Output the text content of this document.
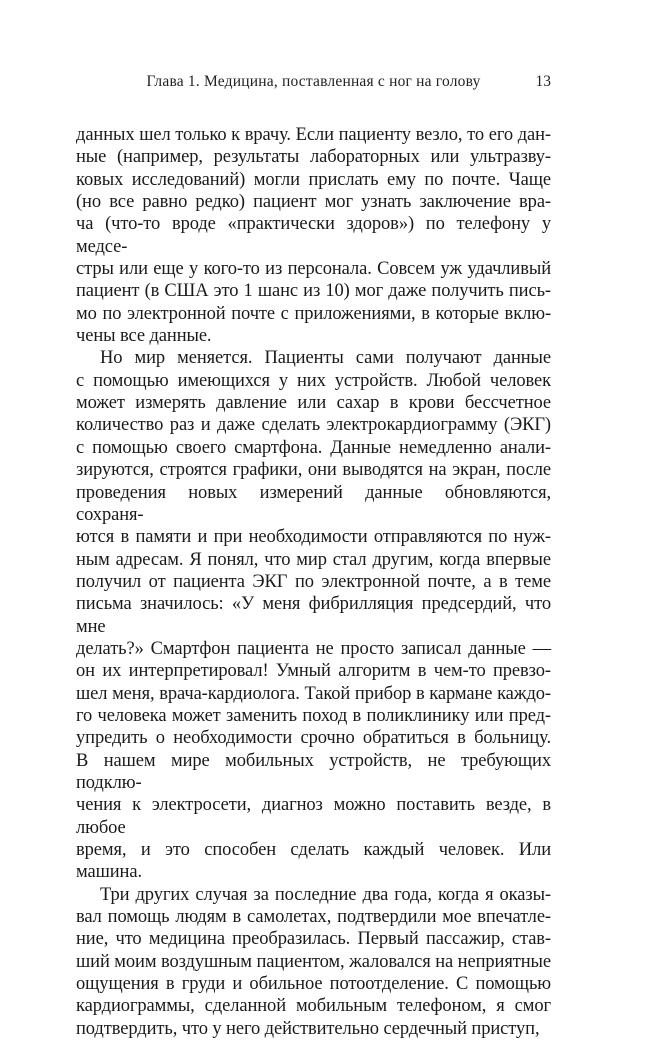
Глава 1. Медицина, поставленная с ног на голову	13
данных шел только к врачу. Если пациенту везло, то его дан-
ные (например, результаты лабораторных или ультразву-
ковых исследований) могли прислать ему по почте. Чаще
(но все равно редко) пациент мог узнать заключение вра-
ча (что-то вроде «практически здоров») по телефону у медсе-
стры или еще у кого-то из персонала. Совсем уж удачливый
пациент (в США это 1 шанс из 10) мог даже получить пись-
мо по электронной почте с приложениями, в которые вклю-
чены все данные.
Но мир меняется. Пациенты сами получают данные
с помощью имеющихся у них устройств. Любой человек
может измерять давление или сахар в крови бессчетное
количество раз и даже сделать электрокардиограмму (ЭКГ)
с помощью своего смартфона. Данные немедленно анали-
зируются, строятся графики, они выводятся на экран, после
проведения новых измерений данные обновляются, сохраня-
ются в памяти и при необходимости отправляются по нуж-
ным адресам. Я понял, что мир стал другим, когда впервые
получил от пациента ЭКГ по электронной почте, а в теме
письма значилось: «У меня фибрилляция предсердий, что мне
делать?» Смартфон пациента не просто записал данные —
он их интерпретировал! Умный алгоритм в чем-то превзо-
шел меня, врача-кардиолога. Такой прибор в кармане каждо-
го человека может заменить поход в поликлинику или пред-
упредить о необходимости срочно обратиться в больницу.
В нашем мире мобильных устройств, не требующих подклю-
чения к электросети, диагноз можно поставить везде, в любое
время, и это способен сделать каждый человек. Или машина.
Три других случая за последние два года, когда я оказы-
вал помощь людям в самолетах, подтвердили мое впечатле-
ние, что медицина преобразилась. Первый пассажир, став-
ший моим воздушным пациентом, жаловался на неприятные
ощущения в груди и обильное потоотделение. С помощью
кардиограммы, сделанной мобильным телефоном, я смог
подтвердить, что у него действительно сердечный приступ,
